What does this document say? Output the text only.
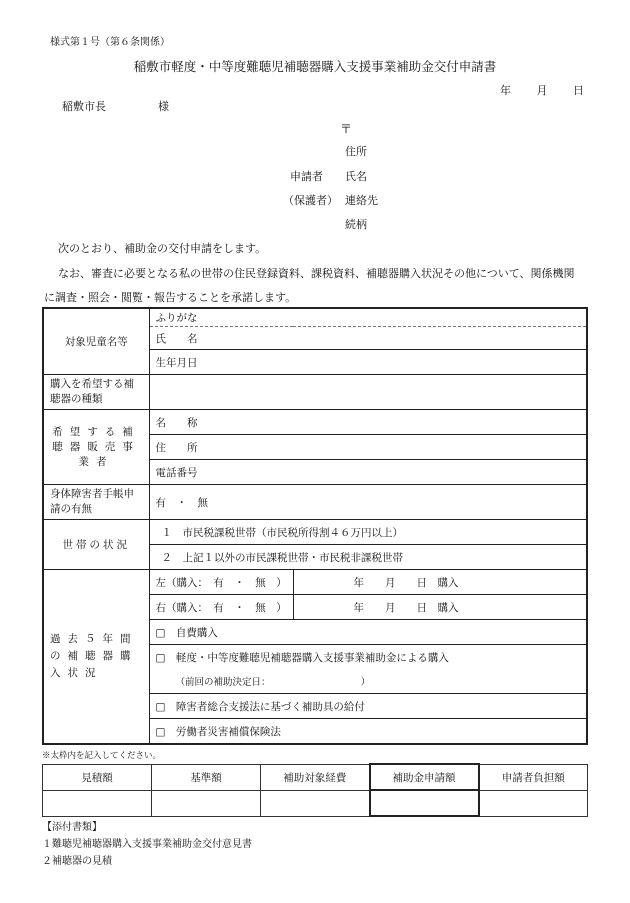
様式第１号（第６条関係）
稲敷市軽度・中等度難聴児補聴器購入支援事業補助金交付申請書
年 月 日
稲敷市長	様
〒
住所
申請者 氏名
（保護者） 連絡先
続柄
次のとおり、補助金の交付申請をします。
なお、審査に必要となる私の世帯の住民登録資料、課税資料、補聴器購入状況その他について、関係機関
に調査・照会・閲覧・報告することを承諾します。
対象児童名等	ふりがな	
	氏　　名	
	生年月日	

購入を希望する補聴器の種類		

希望する補聴器販売事業者	名　　称	
	住　　所	
	電話番号	

身体障害者手帳申請の有無	有　・　無	

世帯の状況	１　市民税課税世帯（市民税所得割４６万円以上）	
	２　上記１以外の市民課税世帯・市民税非課税世帯	

過去５年間の補聴器購入状況	左（購入：　有　・　無　）	年　　月　　日　購入
	右（購入：　有　・　無　）	年　　月　　日　購入
	□　自費購入	
	□　軽度・中等度難聴児補聴器購入支援事業補助金による購入	
	（前回の補助決定日：　　　　　　　　　　）	
	□　障害者総合支援法に基づく補助具の給付	
	□　労働者災害補償保険法	
※太枠内を記入してください。
見積額	基準額	補助対象経費	補助金申請額	申請者負担額

【添付書類】
１難聴児補聴器購入支援事業補助金交付意見書
２補聴器の見積
